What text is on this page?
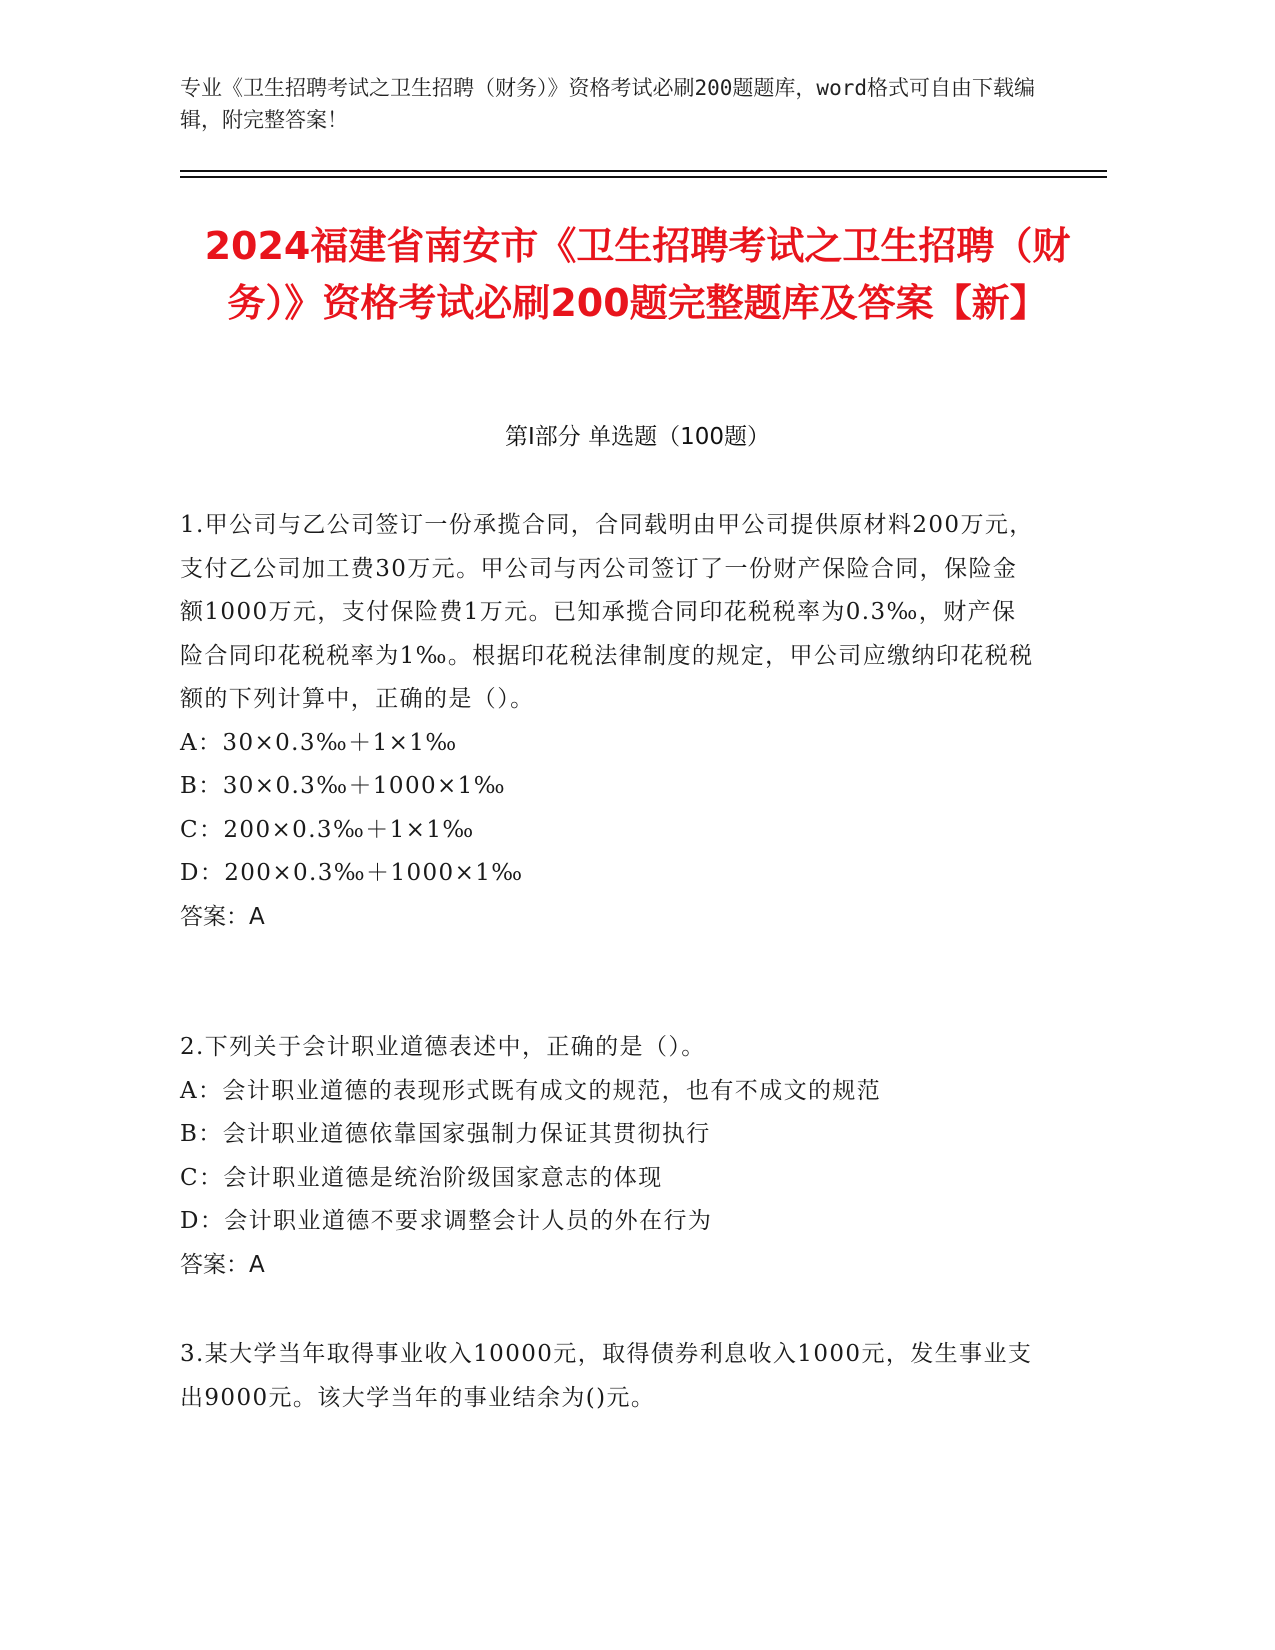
专业《卫生招聘考试之卫生招聘（财务）》资格考试必刷200题题库，word格式可自由下载编辑，附完整答案！
2024福建省南安市《卫生招聘考试之卫生招聘（财务）》资格考试必刷200题完整题库及答案【新】
第I部分 单选题（100题）

1.甲公司与乙公司签订一份承揽合同，合同载明由甲公司提供原材料200万元，支付乙公司加工费30万元。甲公司与丙公司签订了一份财产保险合同，保险金额1000万元，支付保险费1万元。已知承揽合同印花税税率为0.3‰，财产保险合同印花税税率为1‰。根据印花税法律制度的规定，甲公司应缴纳印花税税额的下列计算中，正确的是（）。

A：30×0.3‰＋1×1‰

B：30×0.3‰＋1000×1‰

C：200×0.3‰＋1×1‰

D：200×0.3‰＋1000×1‰

答案：A

2.下列关于会计职业道德表述中，正确的是（）。

A：会计职业道德的表现形式既有成文的规范，也有不成文的规范

B：会计职业道德依靠国家强制力保证其贯彻执行

C：会计职业道德是统治阶级国家意志的体现

D：会计职业道德不要求调整会计人员的外在行为

答案：A

3.某大学当年取得事业收入10000元，取得债券利息收入1000元，发生事业支出9000元。该大学当年的事业结余为()元。
